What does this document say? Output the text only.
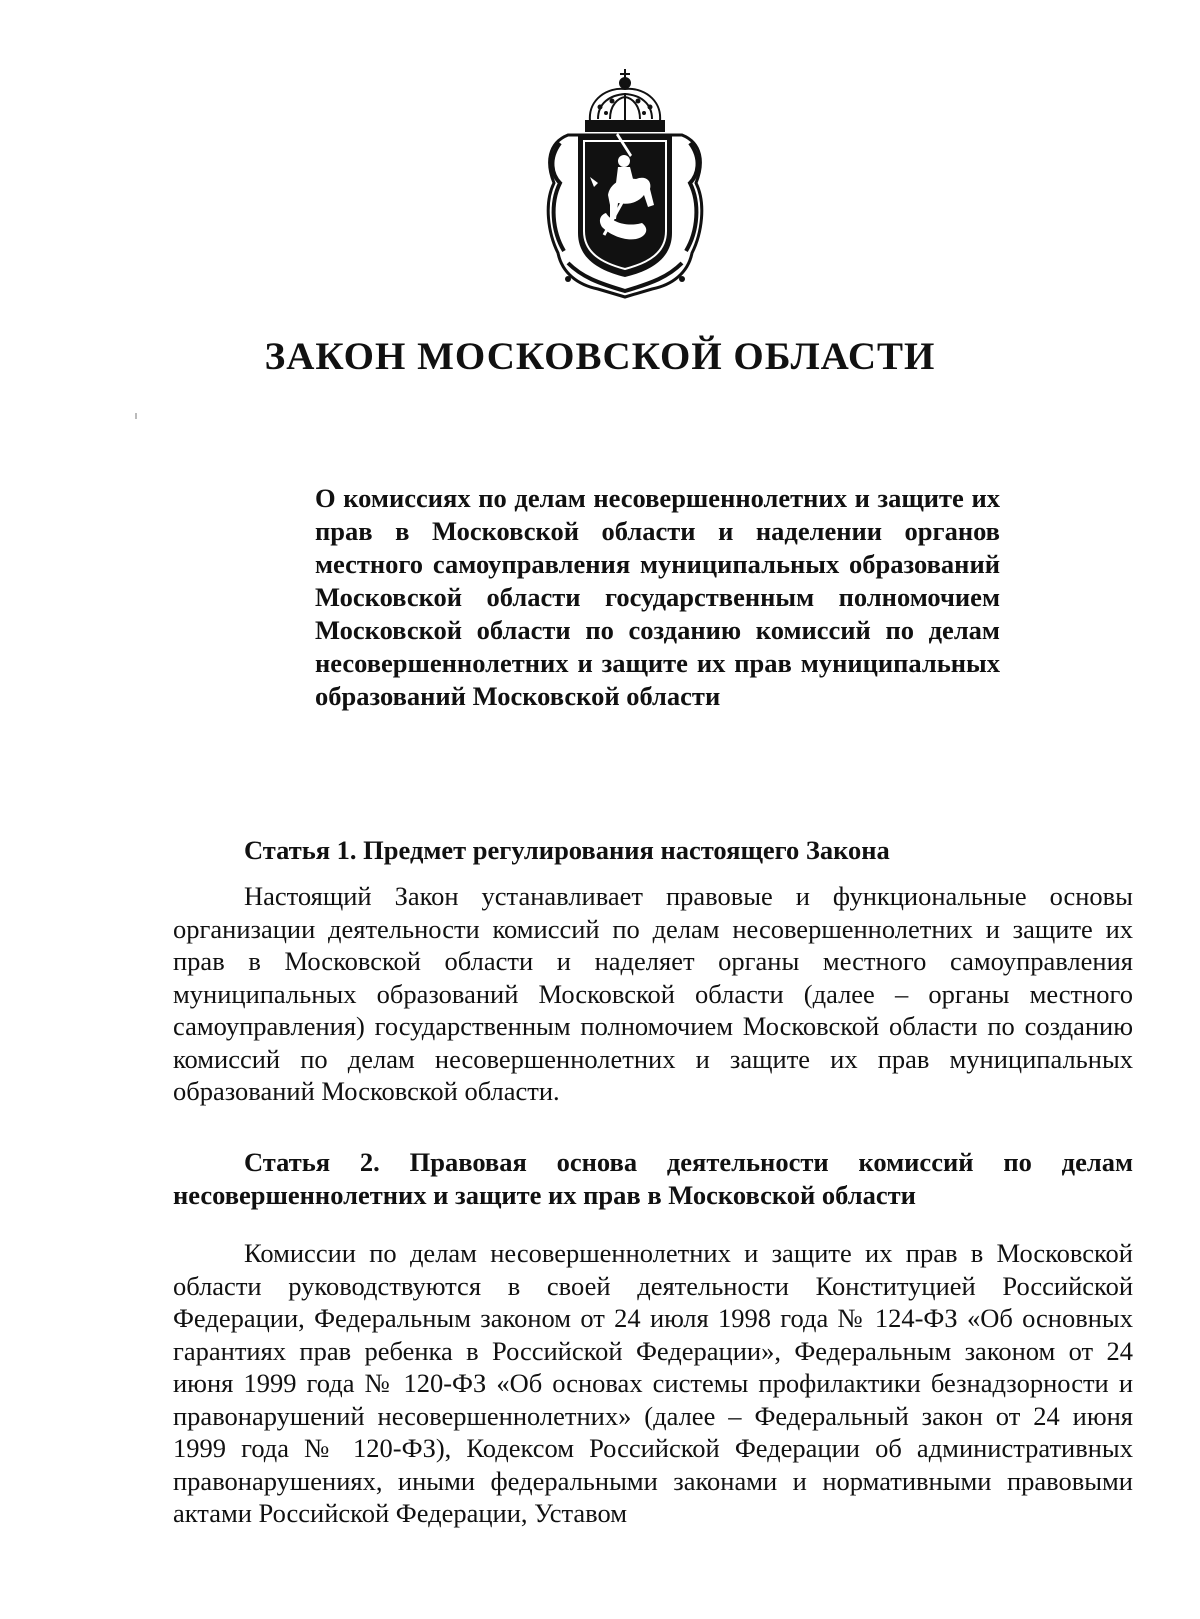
ЗАКОН МОСКОВСКОЙ ОБЛАСТИ

О комиссиях по делам несовершеннолетних и защите их прав в Московской области и наделении органов местного самоуправления муниципальных образований Московской области государственным полномочием Московской области по созданию комиссий по делам несовершеннолетних и защите их прав муниципальных образований Московской области

Статья 1. Предмет регулирования настоящего Закона

Настоящий Закон устанавливает правовые и функциональные основы организации деятельности комиссий по делам несовершеннолетних и защите их прав в Московской области и наделяет органы местного самоуправления муниципальных образований Московской области (далее – органы местного самоуправления) государственным полномочием Московской области по созданию комиссий по делам несовершеннолетних и защите их прав муниципальных образований Московской области.

Статья 2. Правовая основа деятельности комиссий по делам несовершеннолетних и защите их прав в Московской области

Комиссии по делам несовершеннолетних и защите их прав в Московской области руководствуются в своей деятельности Конституцией Российской Федерации, Федеральным законом от 24 июля 1998 года № 124-ФЗ «Об основных гарантиях прав ребенка в Российской Федерации», Федеральным законом от 24 июня 1999 года № 120-ФЗ «Об основах системы профилактики безнадзорности и правонарушений несовершеннолетних» (далее – Федеральный закон от 24 июня 1999 года № 120-ФЗ), Кодексом Российской Федерации об административных правонарушениях, иными федеральными законами и нормативными правовыми актами Российской Федерации, Уставом
